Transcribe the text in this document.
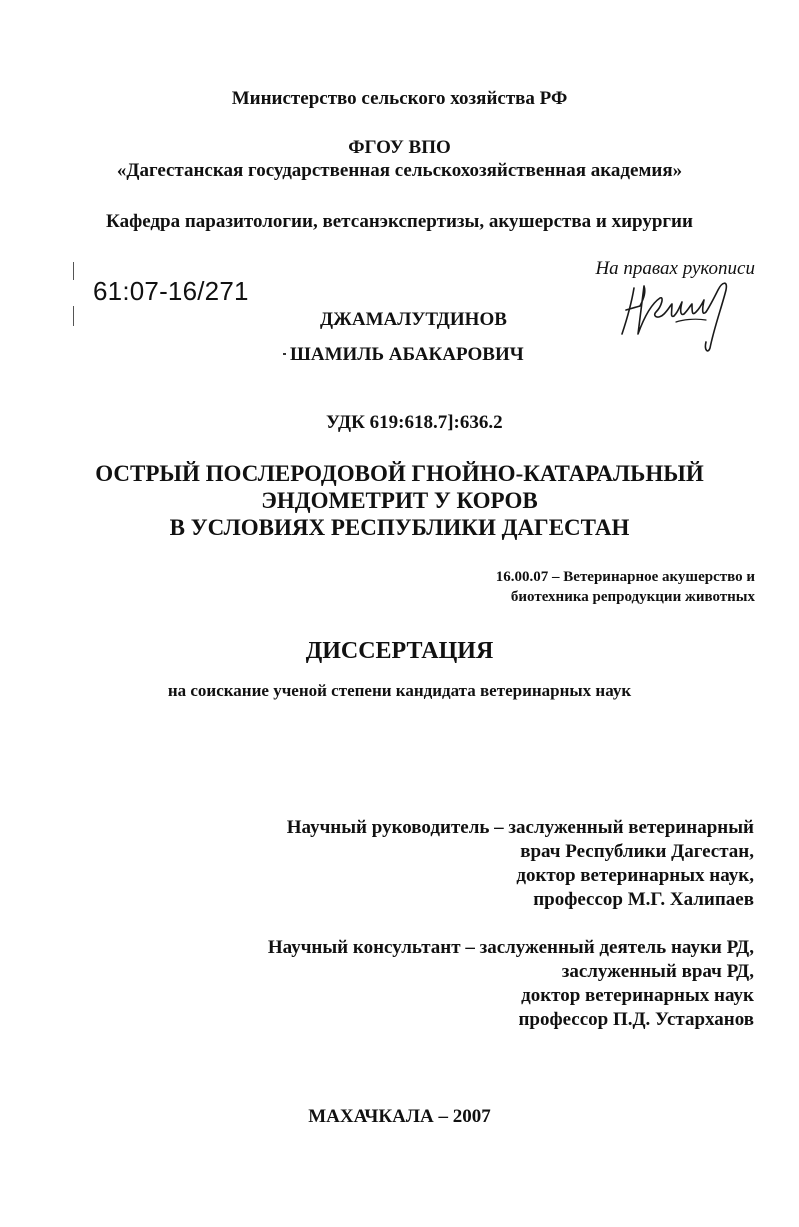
Министерство сельского хозяйства РФ
ФГОУ ВПО
«Дагестанская государственная сельскохозяйственная академия»
Кафедра паразитологии, ветсанэкспертизы, акушерства и хирургии
На правах рукописи
61:07-16/271
ДЖАМАЛУТДИНОВ
ШАМИЛЬ АБАКАРОВИЧ
УДК 619:618.7]:636.2
ОСТРЫЙ ПОСЛЕРОДОВОЙ ГНОЙНО-КАТАРАЛЬНЫЙ
ЭНДОМЕТРИТ У КОРОВ
В УСЛОВИЯХ РЕСПУБЛИКИ ДАГЕСТАН
16.00.07 – Ветеринарное акушерство и
биотехника репродукции животных
ДИССЕРТАЦИЯ
на соискание ученой степени кандидата ветеринарных наук
Научный руководитель – заслуженный ветеринарный
врач Республики Дагестан,
доктор ветеринарных наук,
профессор М.Г. Халипаев
Научный консультант – заслуженный деятель науки РД,
заслуженный врач РД,
доктор ветеринарных наук
профессор П.Д. Устарханов
МАХАЧКАЛА – 2007
